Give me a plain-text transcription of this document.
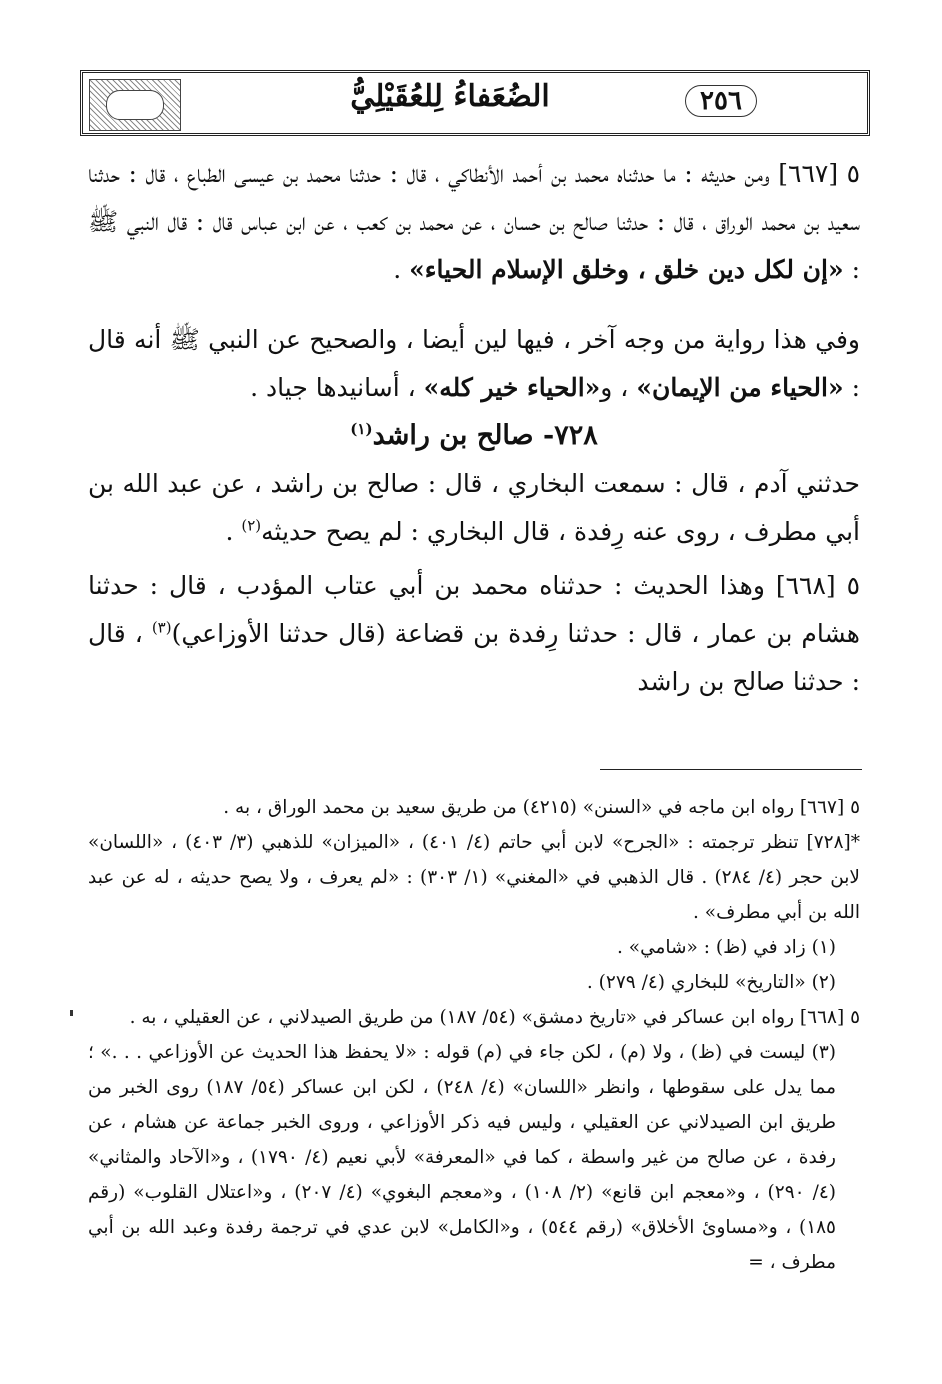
الضُعَفاءُ لِلعُقَيْلِيُّ	٢٥٦

٥ [٦٦٧] ومن حديثه : ما حدثناه محمد بن أحمد الأنطاكي ، قال : حدثنا محمد بن عيسى الطباع ، قال : حدثنا سعيد بن محمد الوراق ، قال : حدثنا صالح بن حسان ، عن محمد بن كعب ، عن ابن عباس قال : قال النبي ﷺ : «إن لكل دين خلق ، وخلق الإسلام الحياء» .

وفي هذا رواية من وجه آخر ، فيها لين أيضا ، والصحيح عن النبي ﷺ أنه قال : «الحياء من الإيمان» ، و«الحياء خير كله» ، أسانيدها جياد .

٧٢٨- صالح بن راشد$^{(١)}$

حدثني آدم ، قال : سمعت البخاري ، قال : صالح بن راشد ، عن عبد الله بن أبي مطرف ، روى عنه رِفدة ، قال البخاري : لم يصح حديثه$^{(٢)}$ .

٥ [٦٦٨] وهذا الحديث : حدثناه محمد بن أبي عتاب المؤدب ، قال : حدثنا هشام بن عمار ، قال : حدثنا رِفدة بن قضاعة (قال حدثنا الأوزاعي)$^{(٣)}$ ، قال : حدثنا صالح بن راشد

٥ [٦٦٧] رواه ابن ماجه في «السنن» (٤٢١٥) من طريق سعيد بن محمد الوراق ، به .

*[٧٢٨] تنظر ترجمته : «الجرح» لابن أبي حاتم (٤/ ٤٠١) ، «الميزان» للذهبي (٣/ ٤٠٣) ، «اللسان» لابن حجر (٤/ ٢٨٤) . قال الذهبي في «المغني» (١/ ٣٠٣) : «لم يعرف ، ولا يصح حديثه ، له عن عبد الله بن أبي مطرف» .

(١) زاد في (ظ) : «شامي» .

(٢) «التاريخ» للبخاري (٤/ ٢٧٩) .

٥ [٦٦٨] رواه ابن عساكر في «تاريخ دمشق» (٥٤/ ١٨٧) من طريق الصيدلاني ، عن العقيلي ، به .

(٣) ليست في (ظ) ، ولا (م) ، لكن جاء في (م) قوله : «لا يحفظ هذا الحديث عن الأوزاعي . . .» ؛ مما يدل على سقوطها ، وانظر «اللسان» (٤/ ٢٤٨) ، لكن ابن عساكر (٥٤/ ١٨٧) روى الخبر من طريق ابن الصيدلاني عن العقيلي ، وليس فيه ذكر الأوزاعي ، وروى الخبر جماعة عن هشام ، عن رفدة ، عن صالح من غير واسطة ، كما في «المعرفة» لأبي نعيم (٤/ ١٧٩٠) ، و«الآحاد والمثاني» (٤/ ٢٩٠) ، و«معجم ابن قانع» (٢/ ١٠٨) ، و«معجم البغوي» (٤/ ٢٠٧) ، و«اعتلال القلوب» (رقم ١٨٥) ، و«مساوئ الأخلاق» (رقم ٥٤٤) ، و«الكامل» لابن عدي في ترجمة رفدة وعبد الله بن أبي مطرف ، =
